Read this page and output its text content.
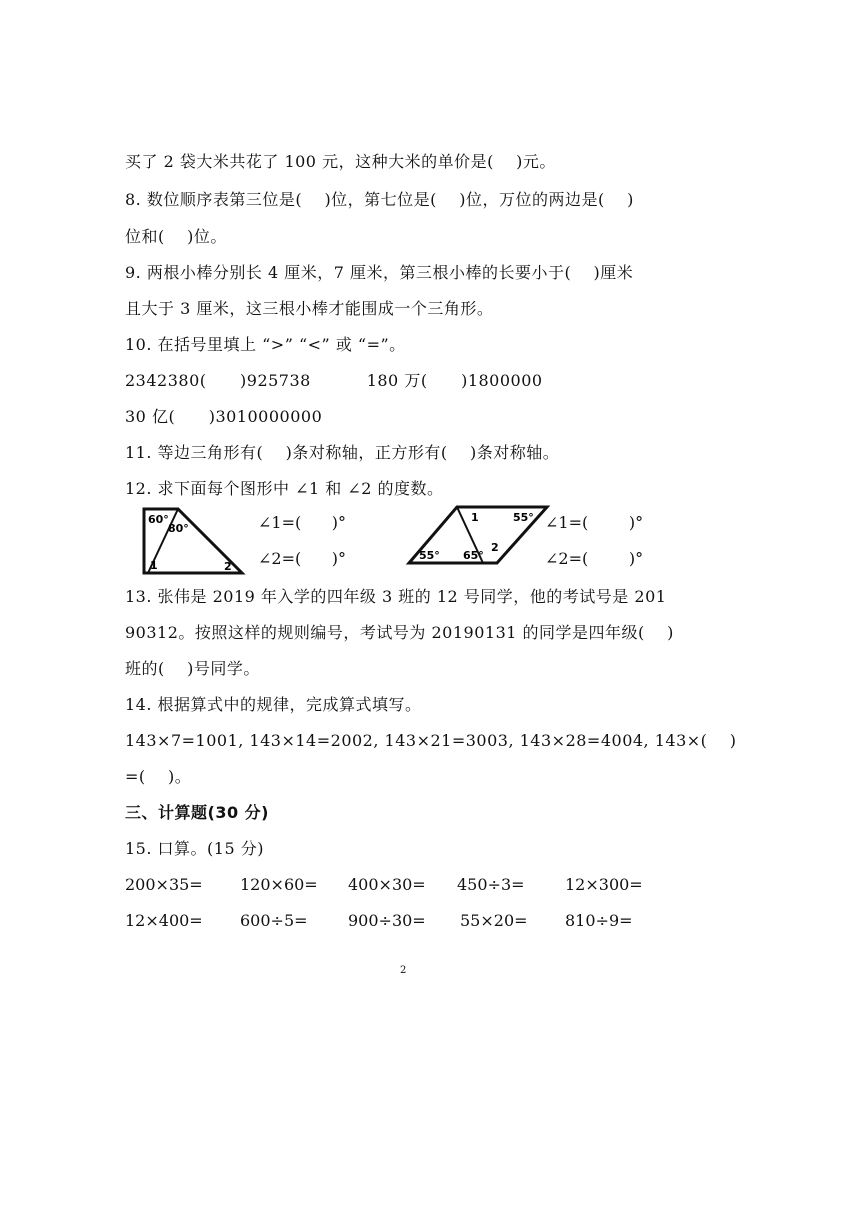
买了 2 袋大米共花了 100 元，这种大米的单价是(    )元。
8. 数位顺序表第三位是(    )位，第七位是(    )位，万位的两边是(    )
位和(    )位。
9. 两根小棒分别长 4 厘米，7 厘米，第三根小棒的长要小于(    )厘米
且大于 3 厘米，这三根小棒才能围成一个三角形。
10. 在括号里填上 “>” “<” 或 “=”。
2342380(      )925738          180 万(      )1800000
30 亿(      )3010000000
11. 等边三角形有(    )条对称轴，正方形有(    )条对称轴。
12. 求下面每个图形中 ∠1 和 ∠2 的度数。
60°
80°
1	2
∠1=(      )°
∠2=(      )°
1	55°
55° 65°
2
∠1=(        )°
∠2=(        )°
13. 张伟是 2019 年入学的四年级 3 班的 12 号同学，他的考试号是 201
90312。按照这样的规则编号，考试号为 20190131 的同学是四年级(    )
班的(    )号同学。
14. 根据算式中的规律，完成算式填写。
143×7=1001, 143×14=2002, 143×21=3003, 143×28=4004, 143×(    )
=(    )。
三、计算题(30 分)
15. 口算。(15 分)
200×35= 120×60= 400×30= 450÷3=	12×300=
12×400= 600÷5=	900÷30= 55×20= 810÷9=
2
